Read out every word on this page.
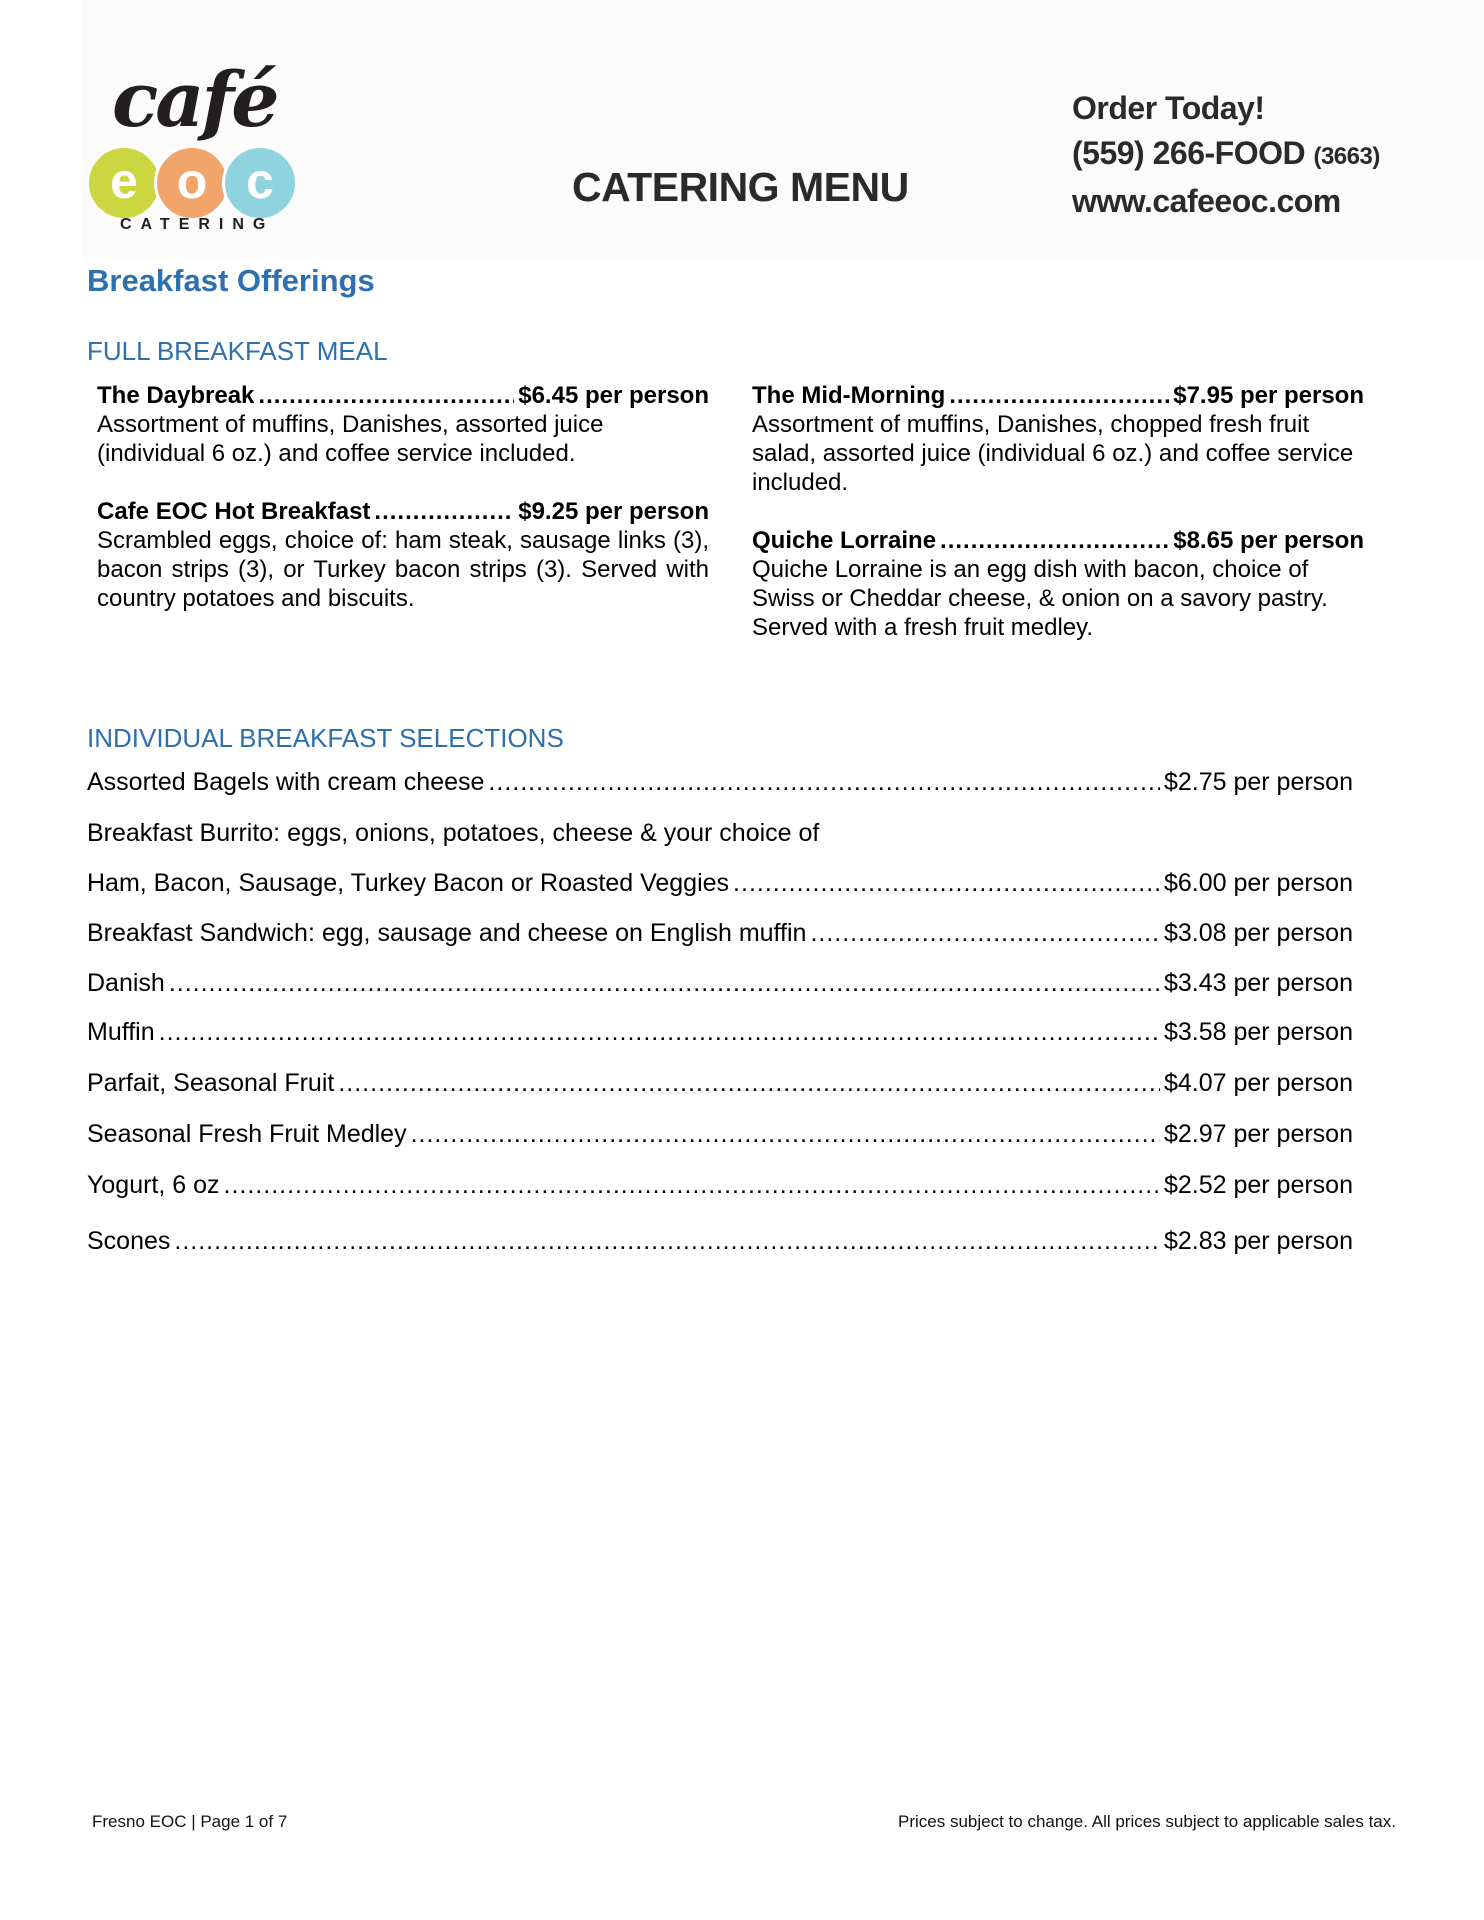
café
e o c
CATERING
CATERING MENU
Order Today!
(559) 266-FOOD (3663)
www.cafeeoc.com
Breakfast Offerings
FULL BREAKFAST MEAL
The Daybreak .....	$6.45 per person
Assortment of muffins, Danishes, assorted juice (individual 6 oz.) and coffee service included.
Cafe EOC Hot Breakfast .....	$9.25 per person
Scrambled eggs, choice of: ham steak, sausage links (3), bacon strips (3), or Turkey bacon strips (3). Served with country potatoes and biscuits.
The Mid-Morning .....	$7.95 per person
Assortment of muffins, Danishes, chopped fresh fruit salad, assorted juice (individual 6 oz.) and coffee service included.
Quiche Lorraine .....	$8.65 per person
Quiche Lorraine is an egg dish with bacon, choice of Swiss or Cheddar cheese, & onion on a savory pastry. Served with a fresh fruit medley.
INDIVIDUAL BREAKFAST SELECTIONS
Assorted Bagels with cream cheese .....	$2.75 per person
Breakfast Burrito: eggs, onions, potatoes, cheese & your choice of
Ham, Bacon, Sausage, Turkey Bacon or Roasted Veggies .....	$6.00 per person
Breakfast Sandwich: egg, sausage and cheese on English muffin .....	$3.08 per person
Danish .....	$3.43 per person
Muffin .....	$3.58 per person
Parfait, Seasonal Fruit .....	$4.07 per person
Seasonal Fresh Fruit Medley .....	$2.97 per person
Yogurt, 6 oz .....	$2.52 per person
Scones .....	$2.83 per person
Fresno EOC | Page 1 of 7	Prices subject to change. All prices subject to applicable sales tax.
